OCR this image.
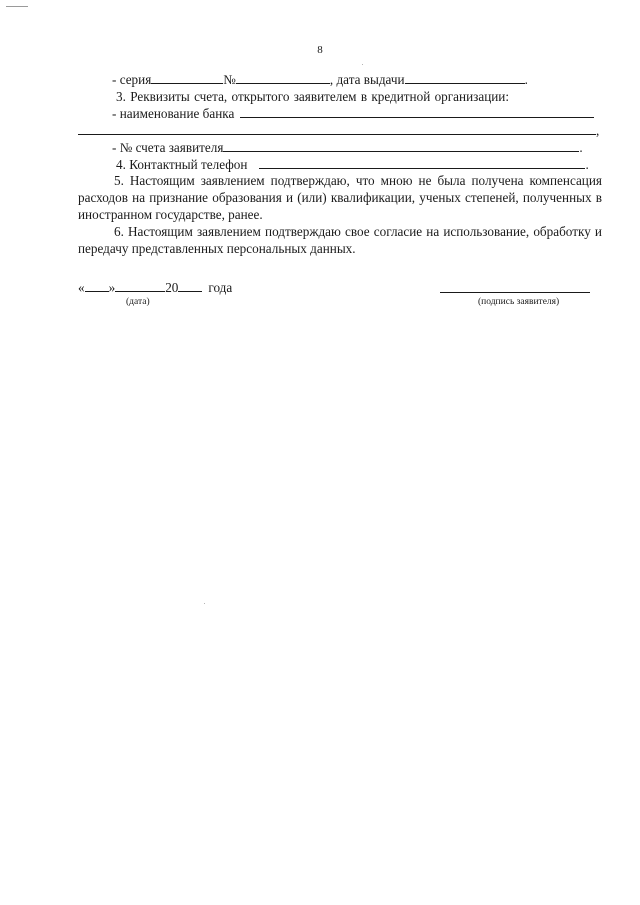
8
- серия	№	, дата выдачи	.
3. Реквизиты счета, открытого заявителем в кредитной организации:
- наименование банка
,
- № счета заявителя	.
4. Контактный телефон	.
5. Настоящим заявлением подтверждаю, что мною не была получена компенсация расходов на признание образования и (или) квалификации, ученых степеней, полученных в иностранном государстве, ранее.
6. Настоящим заявлением подтверждаю свое согласие на использование, обработку и передачу представленных персональных данных.
« »	20 года
(дата)	(подпись заявителя)
